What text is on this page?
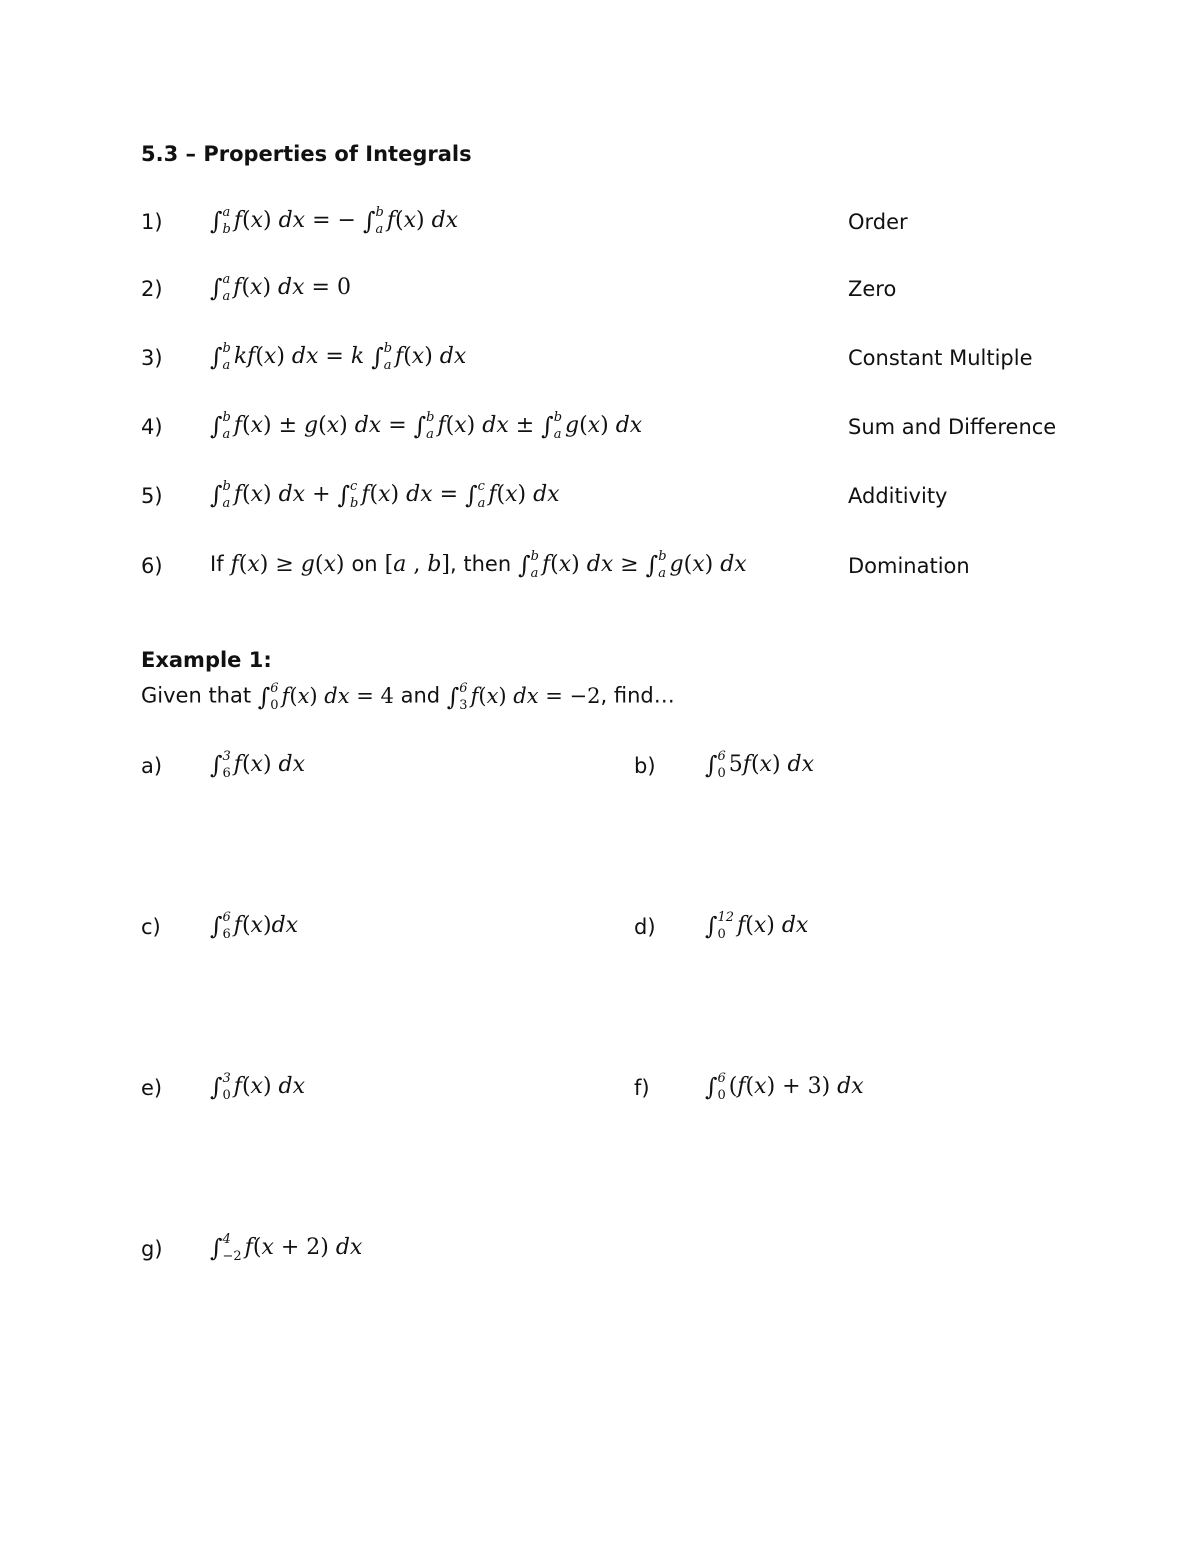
5.3 – Properties of Integrals
1) ∫ a
b f(x) dx = − ∫ b
a f(x) dx	Order
2) ∫ a
a f(x) dx = 0	Zero
3) ∫ b
a kf(x) dx = k ∫ b
a f(x) dx	Constant Multiple
4) ∫ b
a f(x) ± g(x) dx = ∫ b
a f(x) dx ± ∫ b
a g(x) dx	Sum and Difference
5) ∫ b
a f(x) dx + ∫ c
b f(x) dx = ∫ c
a f(x) dx	Additivity
6) If f(x) ≥ g(x) on [a , b], then ∫ b
a f(x) dx ≥ ∫ b
a g(x) dx	Domination
Example 1:
Given that ∫ 6
0 f(x) dx = 4 and ∫ 6
3 f(x) dx = −2, find…
a) ∫ 3
6 f(x) dx	b) ∫ 6
0 5f(x) dx
c) ∫ 6
6 f(x)dx	d) ∫ 12
0 f(x) dx
e) ∫ 3
0 f(x) dx	f) ∫ 6
0 (f(x) + 3) dx
g) ∫ 4
−2 f(x + 2) dx
